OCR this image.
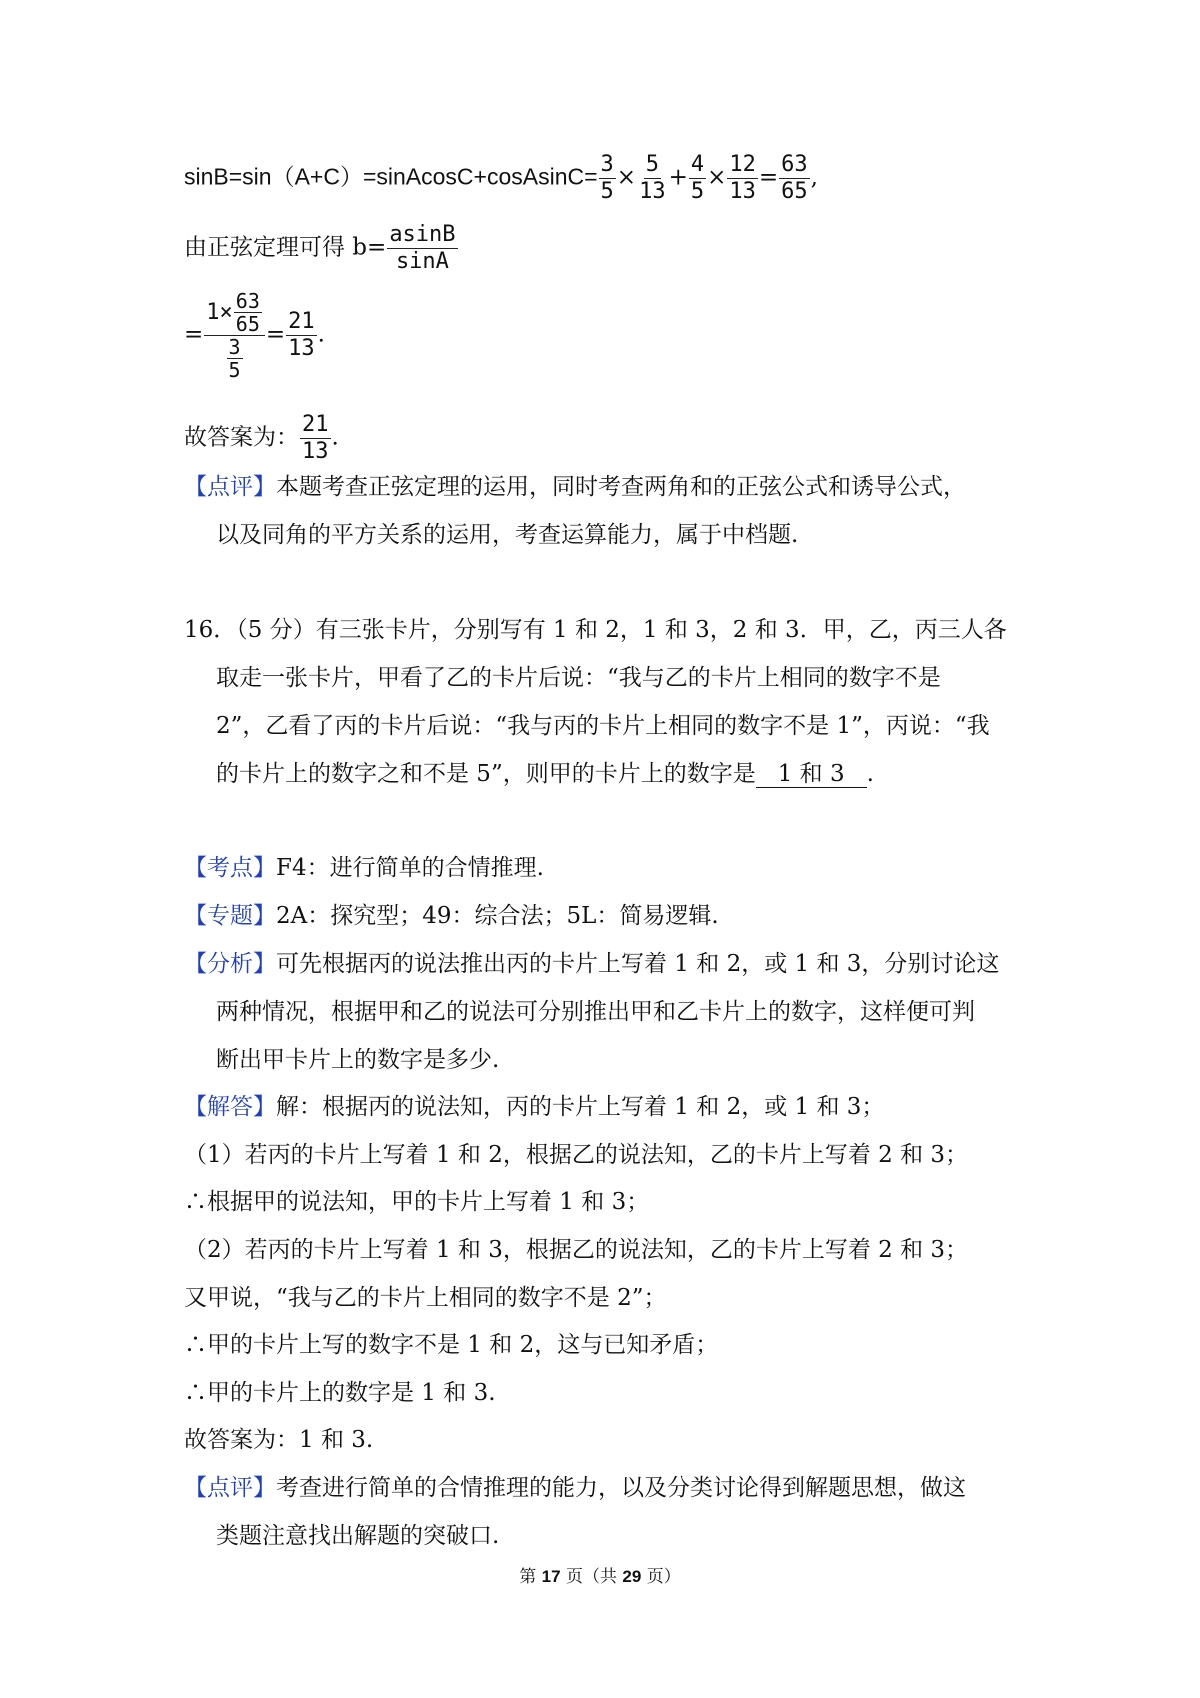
sinB=sin（A+C）=sinAcosC+cosAsinC= $\frac{3}{5} \times \frac{5}{13} + \frac{4}{5} \times \frac{12}{13} = \frac{63}{65}$ ,
由正弦定理可得 $b= \frac{asinB}{\sin A}$
= $\frac{1\times \frac{63}{65}}{\frac{3}{5}} = \frac{21}{13}$ .
故答案为： $\frac{21}{13}$ .
【点评】本题考查正弦定理的运用，同时考查两角和的正弦公式和诱导公式，
以及同角的平方关系的运用，考查运算能力，属于中档题.
16．（5 分）有三张卡片，分别写有 1 和 2，1 和 3，2 和 3．甲，乙，丙三人各
取走一张卡片，甲看了乙的卡片后说：“我与乙的卡片上相同的数字不是
2”，乙看了丙的卡片后说：“我与丙的卡片上相同的数字不是 1”，丙说：“我
的卡片上的数字之和不是 5”，则甲的卡片上的数字是 1 和 3 .
【考点】F4：进行简单的合情推理.
【专题】2A：探究型；49：综合法；5L：简易逻辑.
【分析】可先根据丙的说法推出丙的卡片上写着 1 和 2，或 1 和 3，分别讨论这
两种情况，根据甲和乙的说法可分别推出甲和乙卡片上的数字，这样便可判
断出甲卡片上的数字是多少.
【解答】解：根据丙的说法知，丙的卡片上写着 1 和 2，或 1 和 3；
（1）若丙的卡片上写着 1 和 2，根据乙的说法知，乙的卡片上写着 2 和 3；
∴根据甲的说法知，甲的卡片上写着 1 和 3；
（2）若丙的卡片上写着 1 和 3，根据乙的说法知，乙的卡片上写着 2 和 3；
又甲说，“我与乙的卡片上相同的数字不是 2”；
∴甲的卡片上写的数字不是 1 和 2，这与已知矛盾；
∴甲的卡片上的数字是 1 和 3.
故答案为：1 和 3.
【点评】考查进行简单的合情推理的能力，以及分类讨论得到解题思想，做这
类题注意找出解题的突破口.
第 17 页（共 29 页）
